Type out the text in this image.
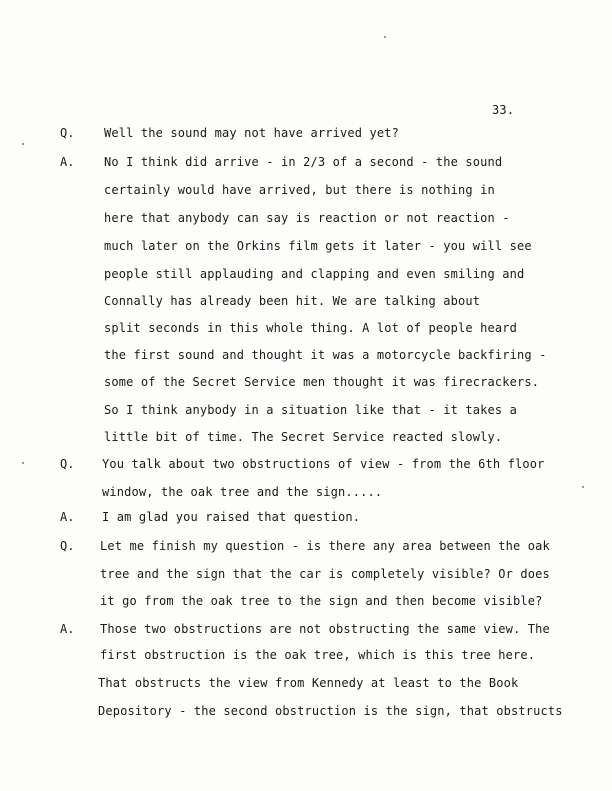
33.
Q. Well the sound may not have arrived yet?
A. No I think did arrive - in 2/3 of a second - the sound
certainly would have arrived, but there is nothing in
here that anybody can say is reaction or not reaction -
much later on the Orkins film gets it later - you will see
people still applauding and clapping and even smiling and
Connally has already been hit. We are talking about
split seconds in this whole thing. A lot of people heard
the first sound and thought it was a motorcycle backfiring -
some of the Secret Service men thought it was firecrackers.
So I think anybody in a situation like that - it takes a
little bit of time. The Secret Service reacted slowly.
Q. You talk about two obstructions of view - from the 6th floor
window, the oak tree and the sign.....
A. I am glad you raised that question.
Q. Let me finish my question - is there any area between the oak
tree and the sign that the car is completely visible? Or does
it go from the oak tree to the sign and then become visible?
A. Those two obstructions are not obstructing the same view. The
first obstruction is the oak tree, which is this tree here.
That obstructs the view from Kennedy at least to the Book
Depository - the second obstruction is the sign, that obstructs
